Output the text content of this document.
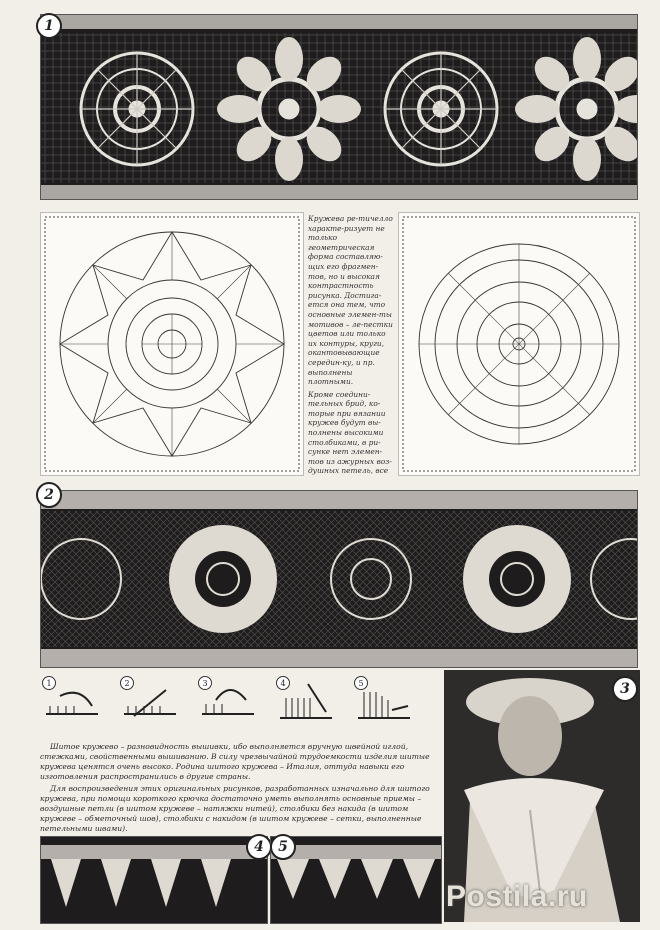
1
Кружева ре-тичелло характе-ризует не только геометрическая форма составляю-щих его фрагмен-тов, но и высокая контрастность рисунка. Достига-ется она тем, что основные элемен-ты мотивов – ле-пестки цветов или только их контуры, круги, окантовывающие середин-ку, и пр. выполнены плотными.
Кроме соедини-тельных брид, ко-торые при вязании кружев будут вы-полнены высокими столбиками, в ри-сунке нет элемен-тов из ажурных воз-душных петель, все
2
1	2	3	4	5

Шитое кружево – разновидность вышивки, ибо выполняется вручную швейной иглой, стежками, свойственными вышиванию. В силу чрезвычайной трудоемкости изделия шитые кружева ценятся очень высоко. Родина шитого кружева – Италия, оттуда навыки его изготовления распространились в другие страны.

Для воспроизведения этих оригинальных рисунков, разработанных изначально для шитого кружева, при помощи короткого крючка достаточно уметь выполнять основные приемы – воздушные петли (в шитом кружеве – натяжки нитей), столбики без накида (в шитом кружеве – обметочный шов), столбики с накидом (в шитом кружеве – сетки, выполненные петельными швами).

3
4	5
Postila.ru
